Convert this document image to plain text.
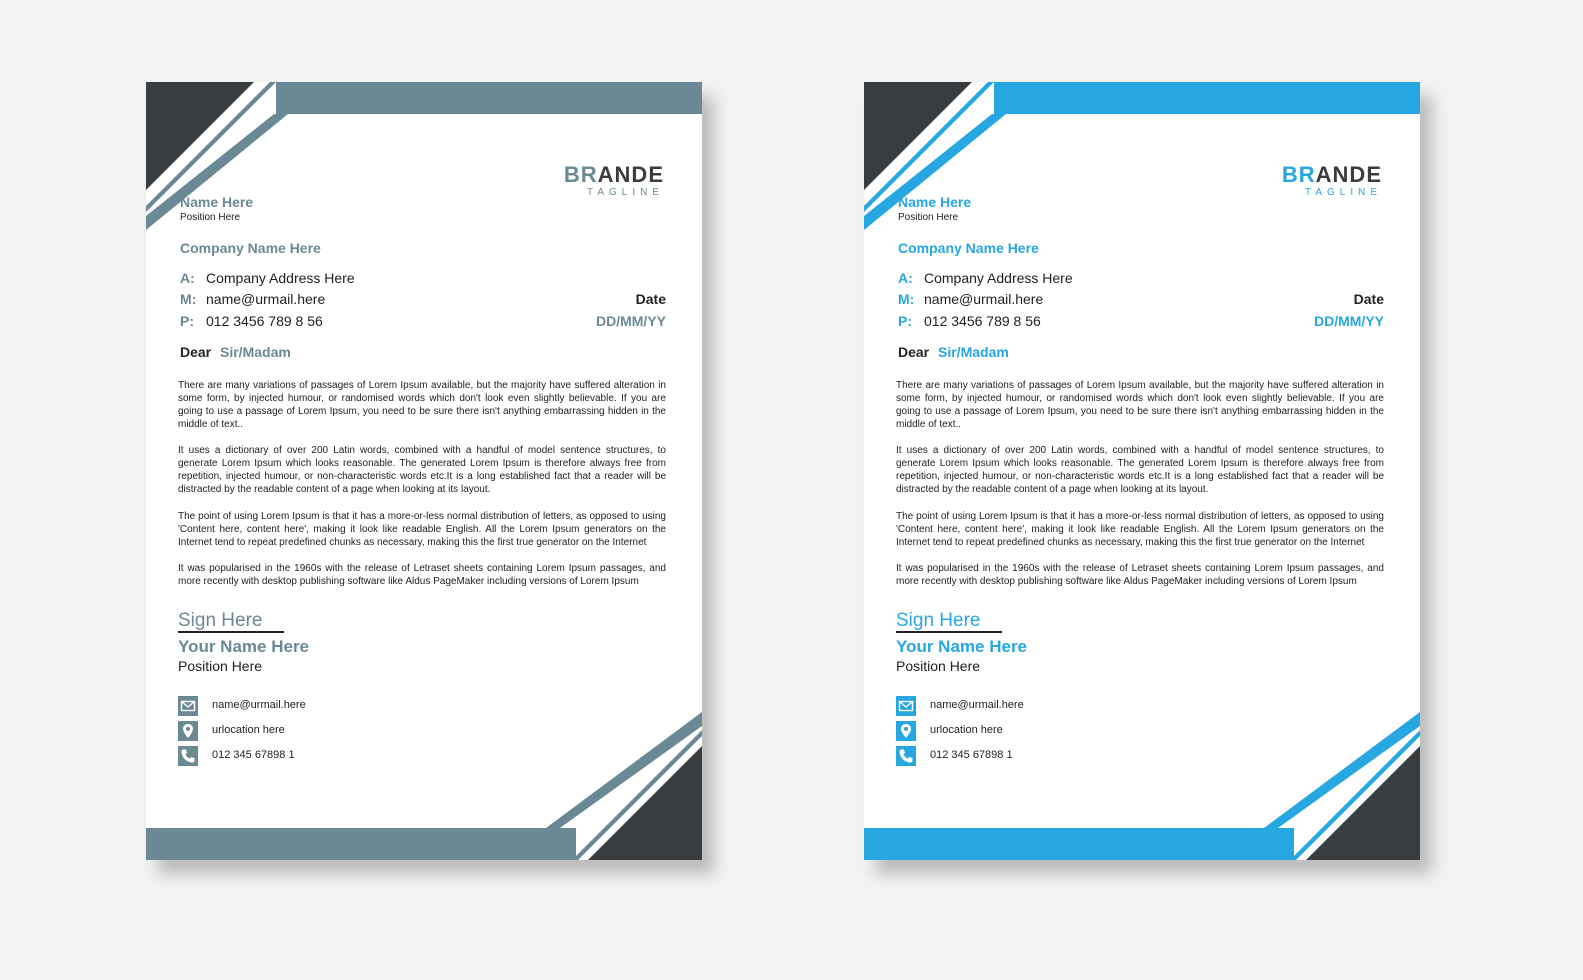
BRANDE
TAGLINE
Name Here
Position Here
Company Name Here
A: Company Address Here
M: name@urmail.here
P: 012 3456 789 8 56
Date
DD/MM/YY
Dear Sir/Madam
There are many variations of passages of Lorem Ipsum available, but the majority have suffered alteration in some form, by injected humour, or randomised words which don't look even slightly believable. If you are going to use a passage of Lorem Ipsum, you need to be sure there isn't anything embarrassing hidden in the middle of text..
It uses a dictionary of over 200 Latin words, combined with a handful of model sentence structures, to generate Lorem Ipsum which looks reasonable. The generated Lorem Ipsum is therefore always free from repetition, injected humour, or non-characteristic words etc.It is a long established fact that a reader will be distracted by the readable content of a page when looking at its layout.
The point of using Lorem Ipsum is that it has a more-or-less normal distribution of letters, as opposed to using 'Content here, content here', making it look like readable English. All the Lorem Ipsum generators on the Internet tend to repeat predefined chunks as necessary, making this the first true generator on the Internet
It was popularised in the 1960s with the release of Letraset sheets containing Lorem Ipsum passages, and more recently with desktop publishing software like Aldus PageMaker including versions of Lorem Ipsum
Sign Here
Your Name Here
Position Here
name@urmail.here
urlocation here
012 345 67898 1
BRANDE
TAGLINE
Name Here
Position Here
Company Name Here
A: Company Address Here
M: name@urmail.here
P: 012 3456 789 8 56
Date
DD/MM/YY
Dear Sir/Madam
There are many variations of passages of Lorem Ipsum available, but the majority have suffered alteration in some form, by injected humour, or randomised words which don't look even slightly believable. If you are going to use a passage of Lorem Ipsum, you need to be sure there isn't anything embarrassing hidden in the middle of text..
It uses a dictionary of over 200 Latin words, combined with a handful of model sentence structures, to generate Lorem Ipsum which looks reasonable. The generated Lorem Ipsum is therefore always free from repetition, injected humour, or non-characteristic words etc.It is a long established fact that a reader will be distracted by the readable content of a page when looking at its layout.
The point of using Lorem Ipsum is that it has a more-or-less normal distribution of letters, as opposed to using 'Content here, content here', making it look like readable English. All the Lorem Ipsum generators on the Internet tend to repeat predefined chunks as necessary, making this the first true generator on the Internet
It was popularised in the 1960s with the release of Letraset sheets containing Lorem Ipsum passages, and more recently with desktop publishing software like Aldus PageMaker including versions of Lorem Ipsum
Sign Here
Your Name Here
Position Here
name@urmail.here
urlocation here
012 345 67898 1
